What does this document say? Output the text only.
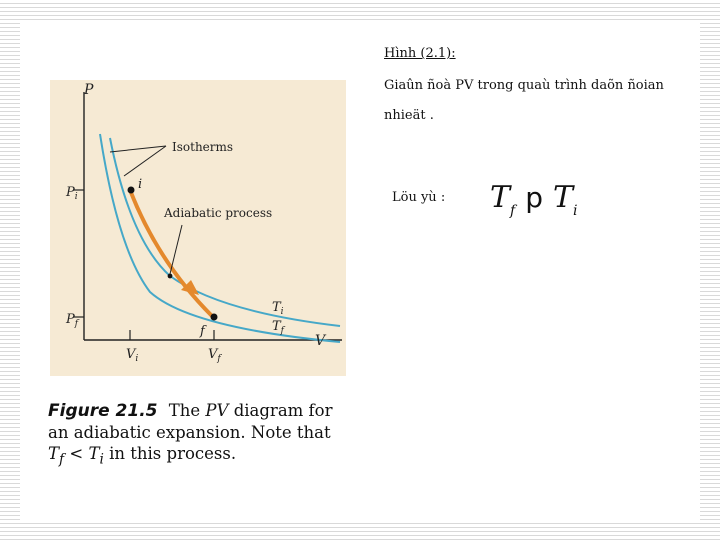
P
V
$P_i$
$P_f$
$V_i$	$V_f$
Isotherms
Adiabatic process
i
f
$T_i$
$T_f$
Figure 21.5 The PV diagram for an adiabatic expansion. Note that $T_f < T_i$ in this process.
Hình (2.1):
Giaûn ñoà PV trong quaù trình daõn ñoian nhieät .
Löu yù : $T_f$ p $T_i$
